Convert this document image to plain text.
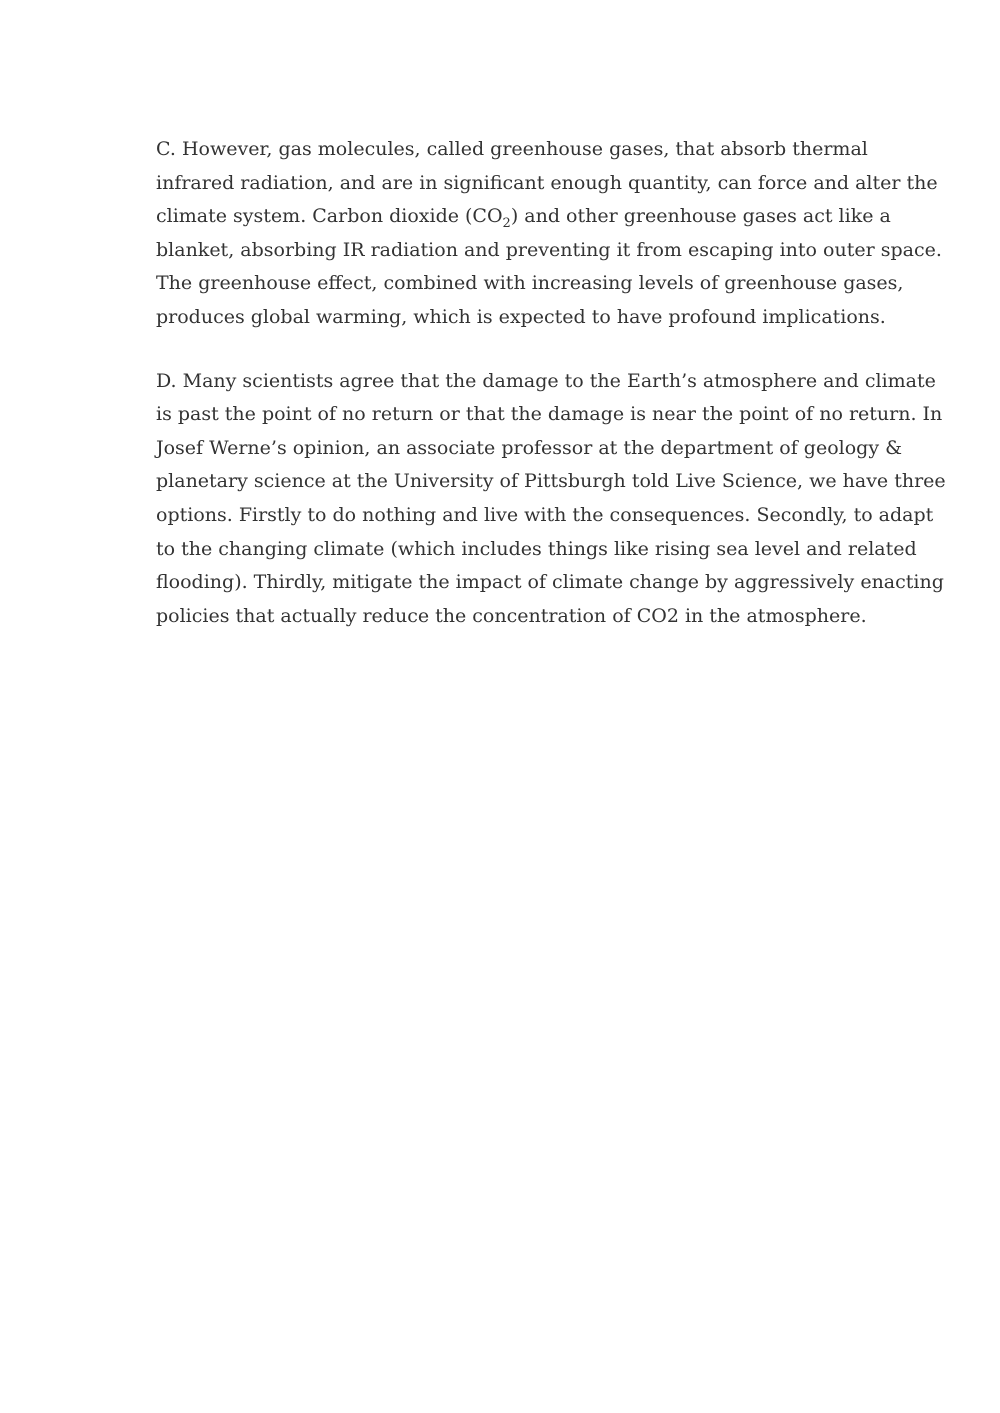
C. However, gas molecules, called greenhouse gases, that absorb thermal infrared radiation, and are in significant enough quantity, can force and alter the climate system. Carbon dioxide $(CO_2)$ and other greenhouse gases act like a blanket, absorbing IR radiation and preventing it from escaping into outer space. The greenhouse effect, combined with increasing levels of greenhouse gases, produces global warming, which is expected to have profound implications.

D. Many scientists agree that the damage to the Earth’s atmosphere and climate is past the point of no return or that the damage is near the point of no return. In Josef Werne’s opinion, an associate professor at the department of geology & planetary science at the University of Pittsburgh told Live Science, we have three options. Firstly to do nothing and live with the consequences. Secondly, to adapt to the changing climate (which includes things like rising sea level and related flooding). Thirdly, mitigate the impact of climate change by aggressively enacting policies that actually reduce the concentration of CO2 in the atmosphere.
